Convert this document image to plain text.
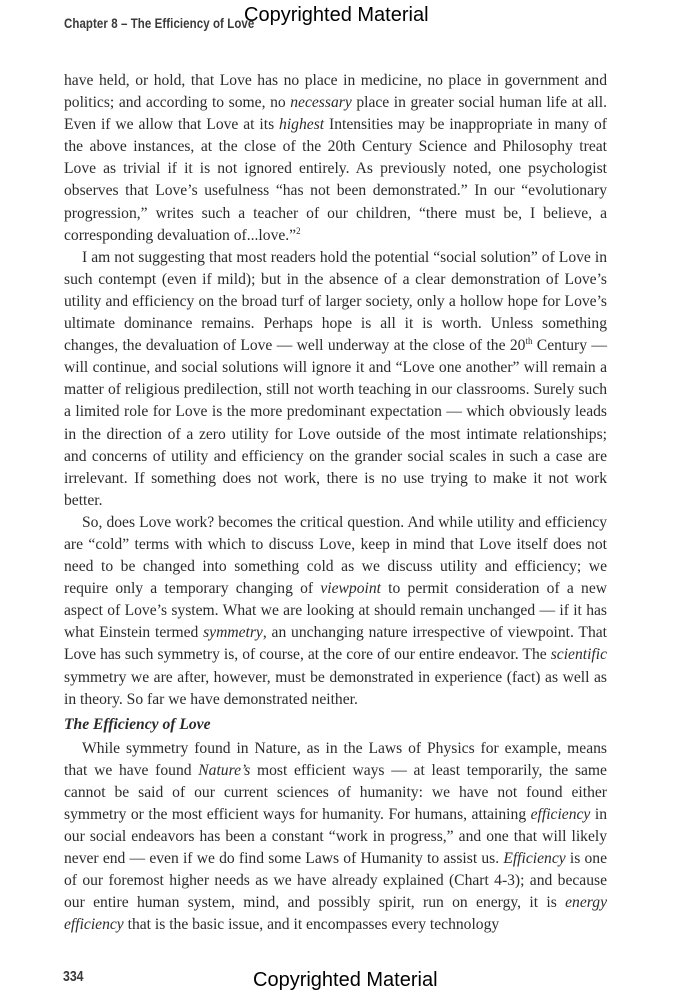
Copyrighted Material
Chapter 8 – The Efficiency of Love

have held, or hold, that Love has no place in medicine, no place in government and politics; and according to some, no necessary place in greater social human life at all. Even if we allow that Love at its highest Intensities may be inappropriate in many of the above instances, at the close of the 20th Century Science and Philosophy treat Love as trivial if it is not ignored entirely. As previously noted, one psychologist observes that Love’s usefulness “has not been demonstrated.” In our “evolutionary progression,” writes such a teacher of our children, “there must be, I believe, a corresponding devaluation of...love.”$^2$

I am not suggesting that most readers hold the potential “social solution” of Love in such contempt (even if mild); but in the absence of a clear demonstration of Love’s utility and efficiency on the broad turf of larger society, only a hollow hope for Love’s ultimate dominance remains. Perhaps hope is all it is worth. Unless something changes, the devaluation of Love — well underway at the close of the 20th Century — will continue, and social solutions will ignore it and “Love one another” will remain a matter of religious predilection, still not worth teaching in our classrooms. Surely such a limited role for Love is the more predominant expectation — which obviously leads in the direction of a zero utility for Love outside of the most intimate relationships; and concerns of utility and efficiency on the grander social scales in such a case are irrelevant. If something does not work, there is no use trying to make it not work better.

So, does Love work? becomes the critical question. And while utility and efficiency are “cold” terms with which to discuss Love, keep in mind that Love itself does not need to be changed into something cold as we discuss utility and efficiency; we require only a temporary changing of viewpoint to permit consideration of a new aspect of Love’s system. What we are looking at should remain unchanged — if it has what Einstein termed symmetry, an unchanging nature irrespective of viewpoint. That Love has such symmetry is, of course, at the core of our entire endeavor. The scientific symmetry we are after, however, must be demonstrated in experience (fact) as well as in theory. So far we have demonstrated neither.

The Efficiency of Love

While symmetry found in Nature, as in the Laws of Physics for example, means that we have found Nature’s most efficient ways — at least temporarily, the same cannot be said of our current sciences of humanity: we have not found either symmetry or the most efficient ways for humanity. For humans, attaining efficiency in our social endeavors has been a constant “work in progress,” and one that will likely never end — even if we do find some Laws of Humanity to assist us. Efficiency is one of our foremost higher needs as we have already explained (Chart 4-3); and because our entire human system, mind, and possibly spirit, run on energy, it is energy efficiency that is the basic issue, and it encompasses every technology

334	Copyrighted Material
